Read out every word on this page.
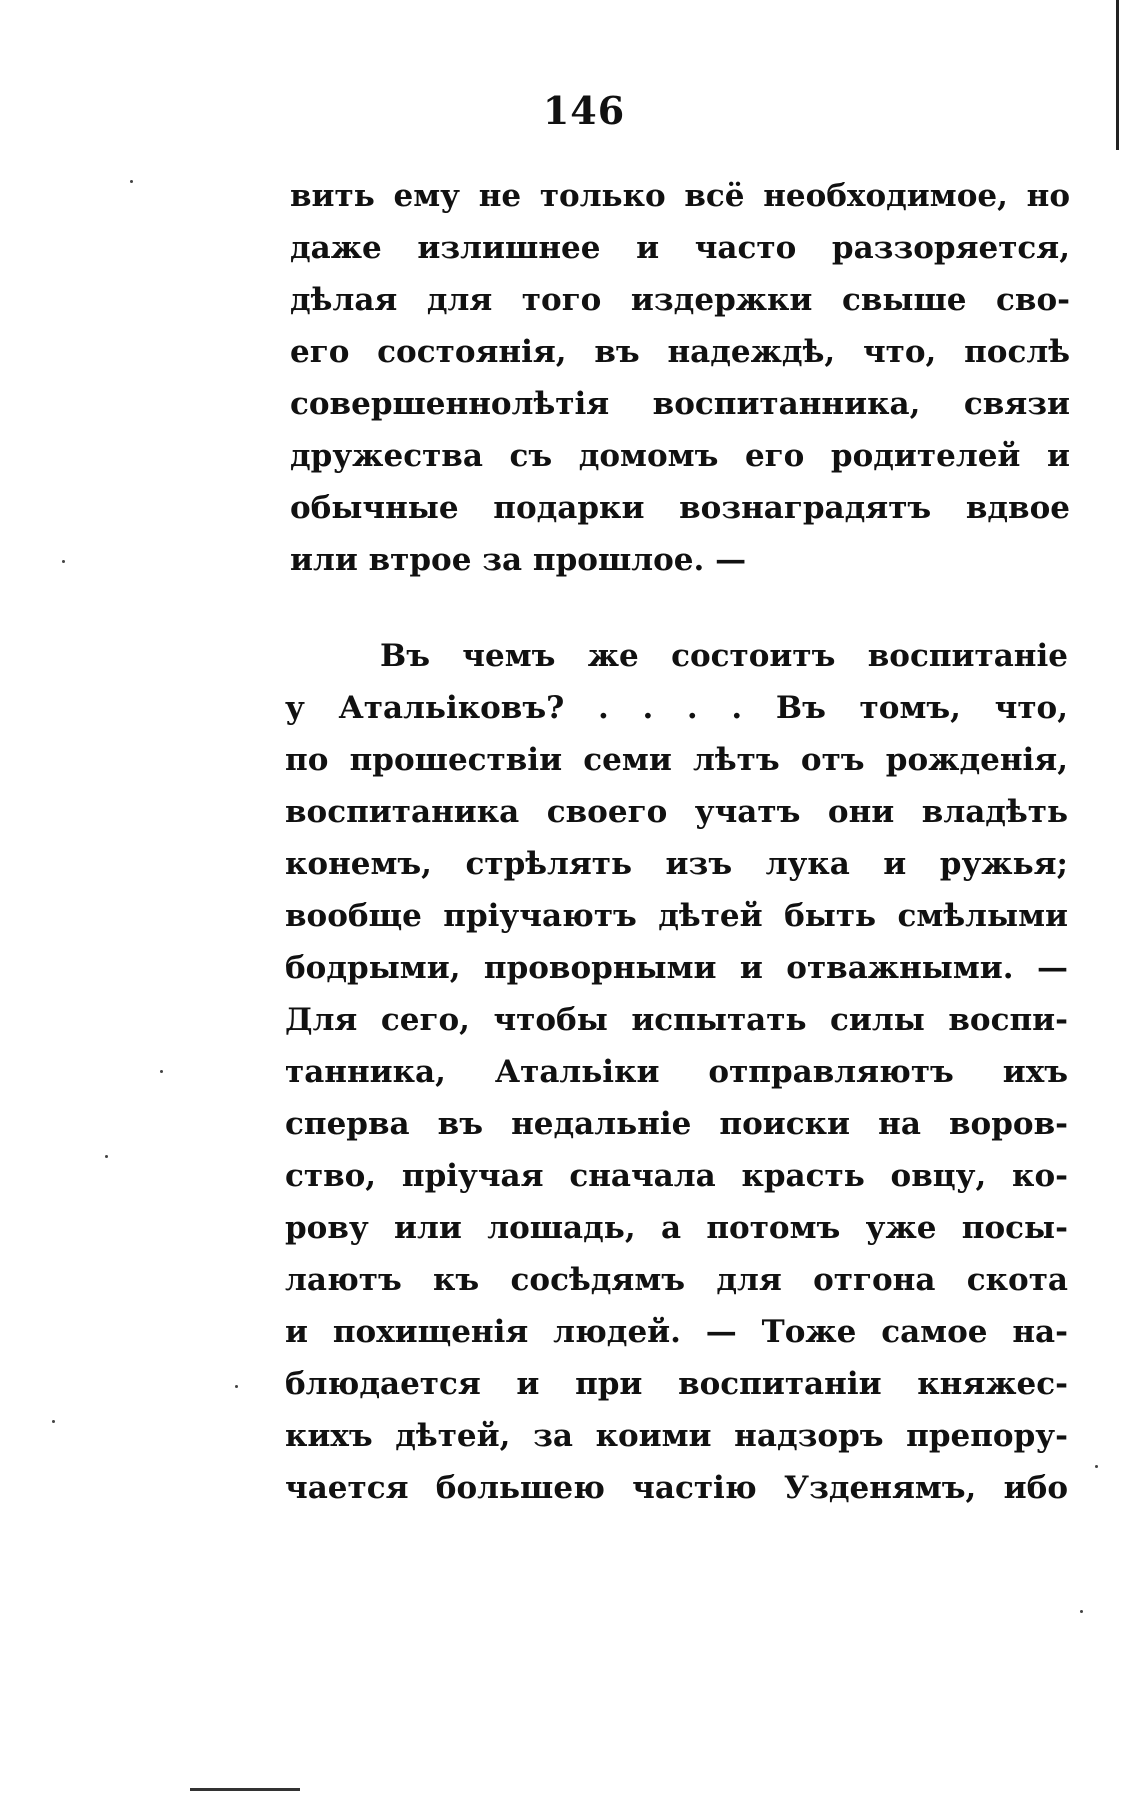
146
вить ему не только всё необходимое, но
даже излишнее и часто раззоряется,
дѣлая для того издержки свыше сво-
его состоянія, въ надеждѣ, что, послѣ
совершеннолѣтія воспитанника, связи
дружества съ домомъ его родителей и
обычные подарки вознаградятъ вдвое
или втрое за прошлое. —
Въ чемъ же состоитъ воспитаніе
у Атальіковъ? . . . . Въ томъ, что,
по прошествіи семи лѣтъ отъ рожденія,
воспитаника своего учатъ они владѣть
конемъ, стрѣлять изъ лука и ружья;
вообще пріучаютъ дѣтей быть смѣлыми
бодрыми, проворными и отважными. —
Для сего, чтобы испытать силы воспи-
танника, Атальіки отправляютъ ихъ
сперва въ недальніе поиски на воров-
ство, пріучая сначала красть овцу, ко-
рову или лошадь, а потомъ уже посы-
лаютъ къ сосѣдямъ для отгона скота
и похищенія людей. — Тоже самое на-
блюдается и при воспитаніи княжес-
кихъ дѣтей, за коими надзоръ препору-
чается большею частію Узденямъ, ибо
